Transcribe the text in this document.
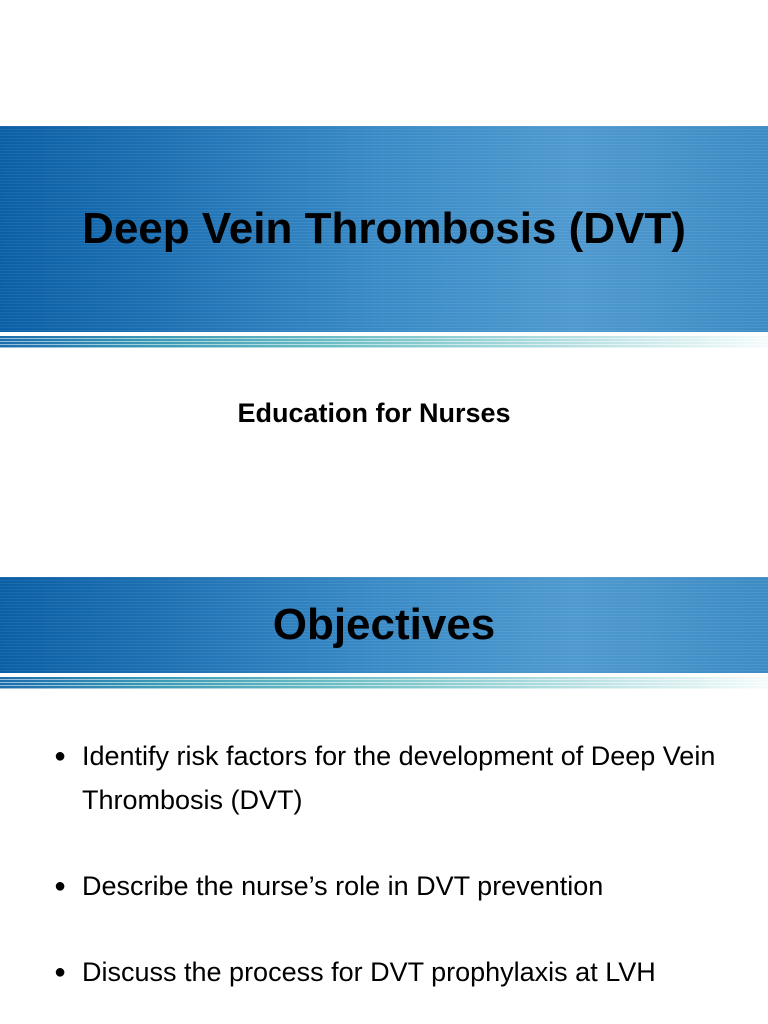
Deep Vein Thrombosis (DVT)
Education for Nurses
Objectives
● Identify risk factors for the development of Deep Vein Thrombosis (DVT)
● Describe the nurse’s role in DVT prevention
● Discuss the process for DVT prophylaxis at LVH
